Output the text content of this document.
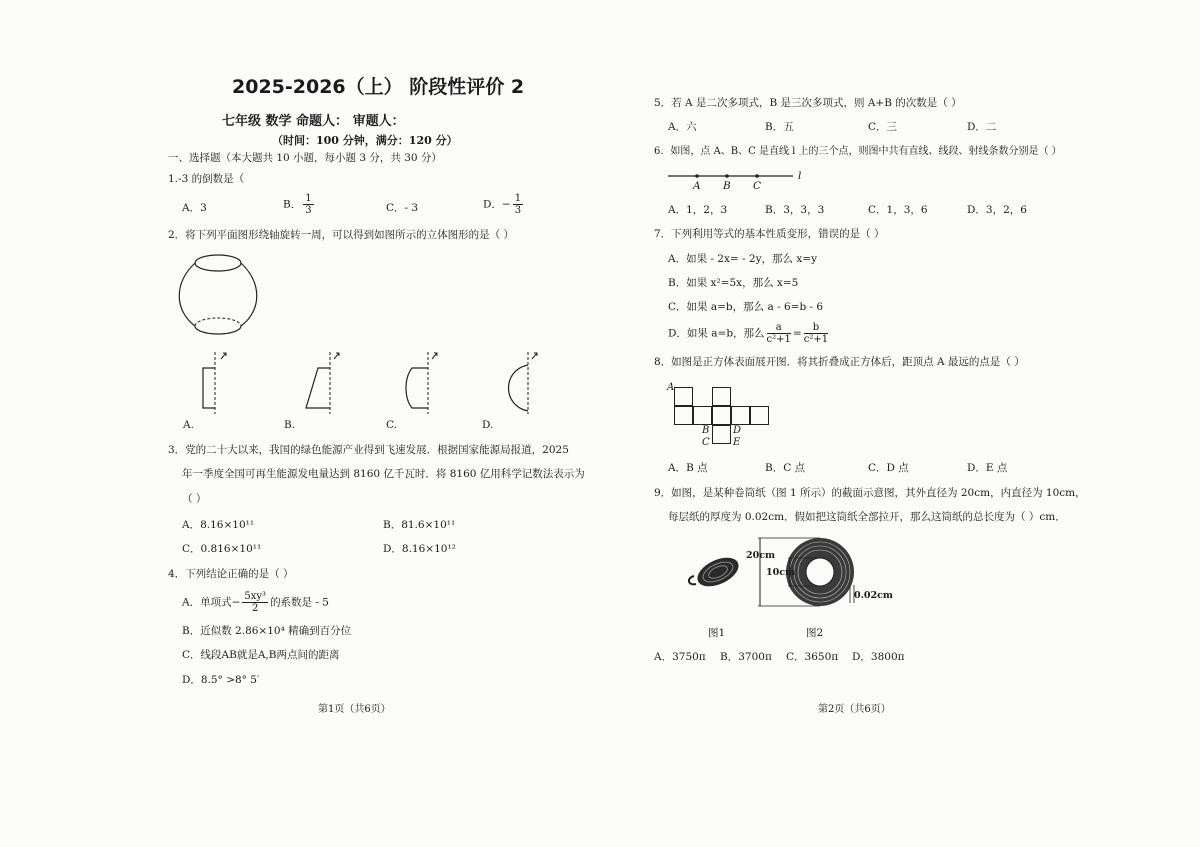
2025-2026（上） 阶段性评价 2
七年级 数学 命题人： 审题人：
（时间：100 分钟，满分：120 分）
一、选择题（本大题共 10 小题，每小题 3 分，共 30 分）
1.-3 的倒数是（
A．3	B． $\frac{1}{3}$	C．- 3	D．− $\frac{1}{3}$
2．将下列平面图形绕轴旋转一周，可以得到如图所示的立体图形的是（ ）
A.	B.	C.	D.
3．党的二十大以来，我国的绿色能源产业得到飞速发展．根据国家能源局报道，2025
年一季度全国可再生能源发电量达到 8160 亿千瓦时．将 8160 亿用科学记数法表示为
（ ）
A．8.16×10¹¹	B．81.6×10¹¹
C．0.816×10¹¹	D．8.16×10¹²
4．下列结论正确的是（ ）
A．单项式− $\frac{\text{5xy³}}{2}$ 的系数是 - 5
B．近似数 2.86×10⁴ 精确到百分位
C．线段AB就是A,B两点间的距离
D．8.5° >8° 5′
第1页（共6页）
5．若 A 是二次多项式，B 是三次多项式，则 A+B 的次数是（ ）
A．六	B．五	C．三	D．二
6．如图，点 A、B、C 是直线 l 上的三个点，则图中共有直线、线段、射线条数分别是（ ）
A B C
l
A．1，2，3	B．3，3，3	C．1，3，6	D．3，2，6
7．下列利用等式的基本性质变形，错误的是（ ）
A．如果 - 2x= - 2y，那么 x=y
B．如果 x²=5x，那么 x=5
C．如果 a=b，那么 a - 6=b - 6
D．如果 a=b，那么 $\frac{a}{\text{c²+1}} = \frac{b}{\text{c²+1}}$
8．如图是正方体表面展开图．将其折叠成正方体后，距顶点 A 最远的点是（ ）
A
B
C
D
E
A．B 点	B．C 点	C．D 点	D．E 点
9．如图，是某种卷筒纸（图 1 所示）的截面示意图，其外直径为 20cm，内直径为 10cm，
每层纸的厚度为 0.02cm．假如把这筒纸全部拉开，那么这筒纸的总长度为（ ）cm．
20cm
10cm
0.02cm
图1	图2
A．3750π B．3700π C．3650π D．3800π
第2页（共6页）
